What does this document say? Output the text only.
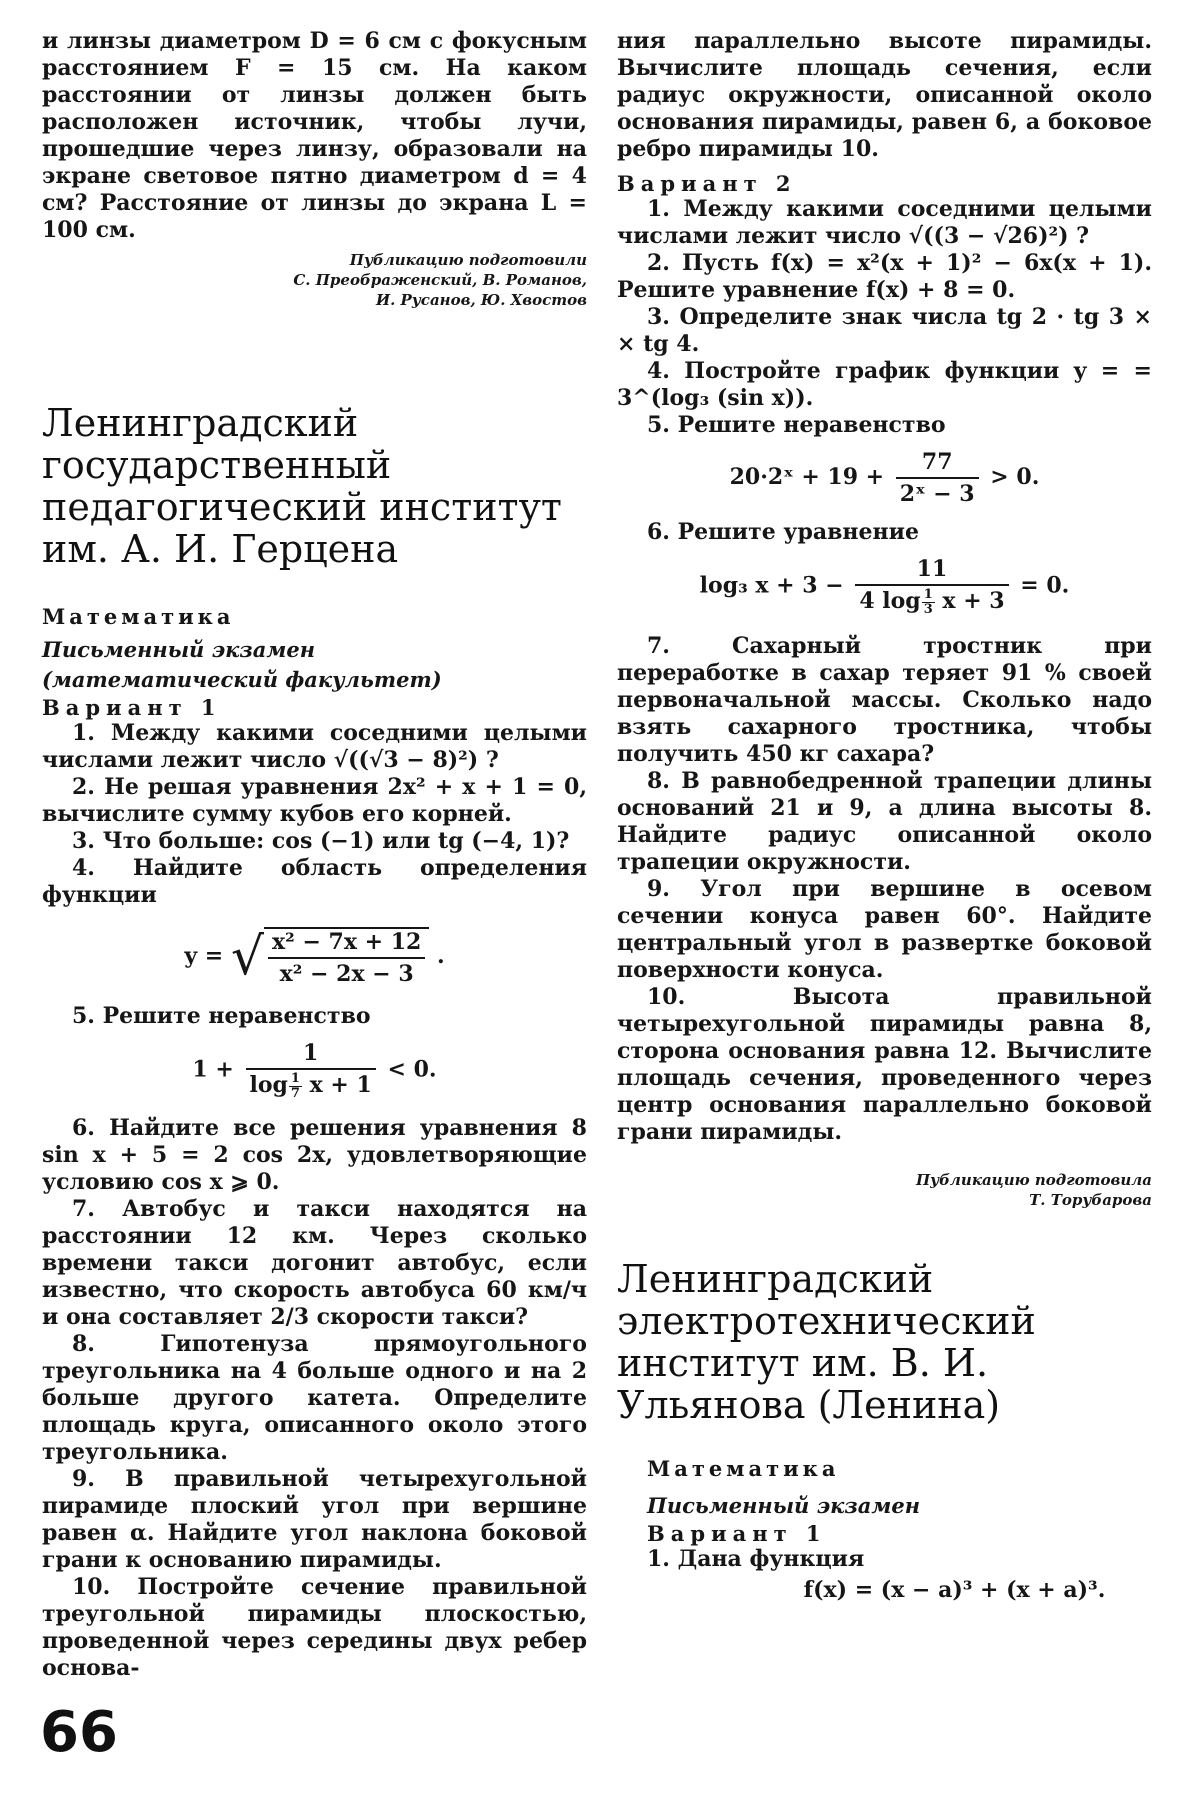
и линзы диаметром D = 6 см с фокусным расстоянием F = 15 см. На каком расстоянии от линзы должен быть расположен источник, чтобы лучи, прошедшие через линзу, образовали на экране световое пятно диаметром d = 4 см? Расстояние от линзы до экрана L = 100 см.

Публикацию подготовили
С. Преображенский, В. Романов,
И. Русанов, Ю. Хвостов
Ленинградский государственный педагогический институт им. А. И. Герцена

Математика

Письменный экзамен

(математический факультет)

Вариант 1

1. Между какими соседними целыми числами лежит число √((√3 − 8)²) ?

2. Не решая уравнения 2x² + x + 1 = 0, вычислите сумму кубов его корней.

3. Что больше: cos (−1) или tg (−4, 1)?

4. Найдите область определения функции

y = √ $\frac{\text{x² − 7x + 12}}{\text{x² − 2x − 3}}$ .

5. Решите неравенство

$1 + \frac{1}{\log \frac{1}{7} x + 1} < 0$.

6. Найдите все решения уравнения 8 sin x + 5 = 2 cos 2x, удовлетворяющие условию cos x ⩾ 0.

7. Автобус и такси находятся на расстоянии 12 км. Через сколько времени такси догонит автобус, если известно, что скорость автобуса 60 км/ч и она составляет 2/3 скорости такси?

8. Гипотенуза прямоугольного треугольника на 4 больше одного и на 2 больше другого катета. Определите площадь круга, описанного около этого треугольника.

9. В правильной четырехугольной пирамиде плоский угол при вершине равен α. Найдите угол наклона боковой грани к основанию пирамиды.

10. Постройте сечение правильной треугольной пирамиды плоскостью, проведенной через середины двух ребер основа-

ния параллельно высоте пирамиды. Вычислите площадь сечения, если радиус окружности, описанной около основания пирамиды, равен 6, а боковое ребро пирамиды 10.

Вариант 2

1. Между какими соседними целыми числами лежит число √((3 − √26)²) ?

2. Пусть f(x) = x²(x + 1)² − 6x(x + 1). Решите уравнение f(x) + 8 = 0.

3. Определите знак числа tg 2 · tg 3 × × tg 4.

4. Постройте график функции y = = 3^(log₃ (sin x)).

5. Решите неравенство

20·2ˣ + $19 + \frac{77}{\text{2ˣ − 3}} > 0$.

6. Решите уравнение

log₃ $x + 3 - \frac{11}{4 \log \frac{1}{3} x + 3} = 0$.

7. Сахарный тростник при переработке в сахар теряет 91 % своей первоначальной массы. Сколько надо взять сахарного тростника, чтобы получить 450 кг сахара?

8. В равнобедренной трапеции длины оснований 21 и 9, а длина высоты 8. Найдите радиус описанной около трапеции окружности.

9. Угол при вершине в осевом сечении конуса равен 60°. Найдите центральный угол в развертке боковой поверхности конуса.

10. Высота правильной четырехугольной пирамиды равна 8, сторона основания равна 12. Вычислите площадь сечения, проведенного через центр основания параллельно боковой грани пирамиды.

Публикацию подготовила
Т. Торубарова
Ленинградский электротехнический институт им. В. И. Ульянова (Ленина)

Математика

Письменный экзамен

Вариант 1

1. Дана функция

f(x) = (x − a)³ + (x + a)³.
66
